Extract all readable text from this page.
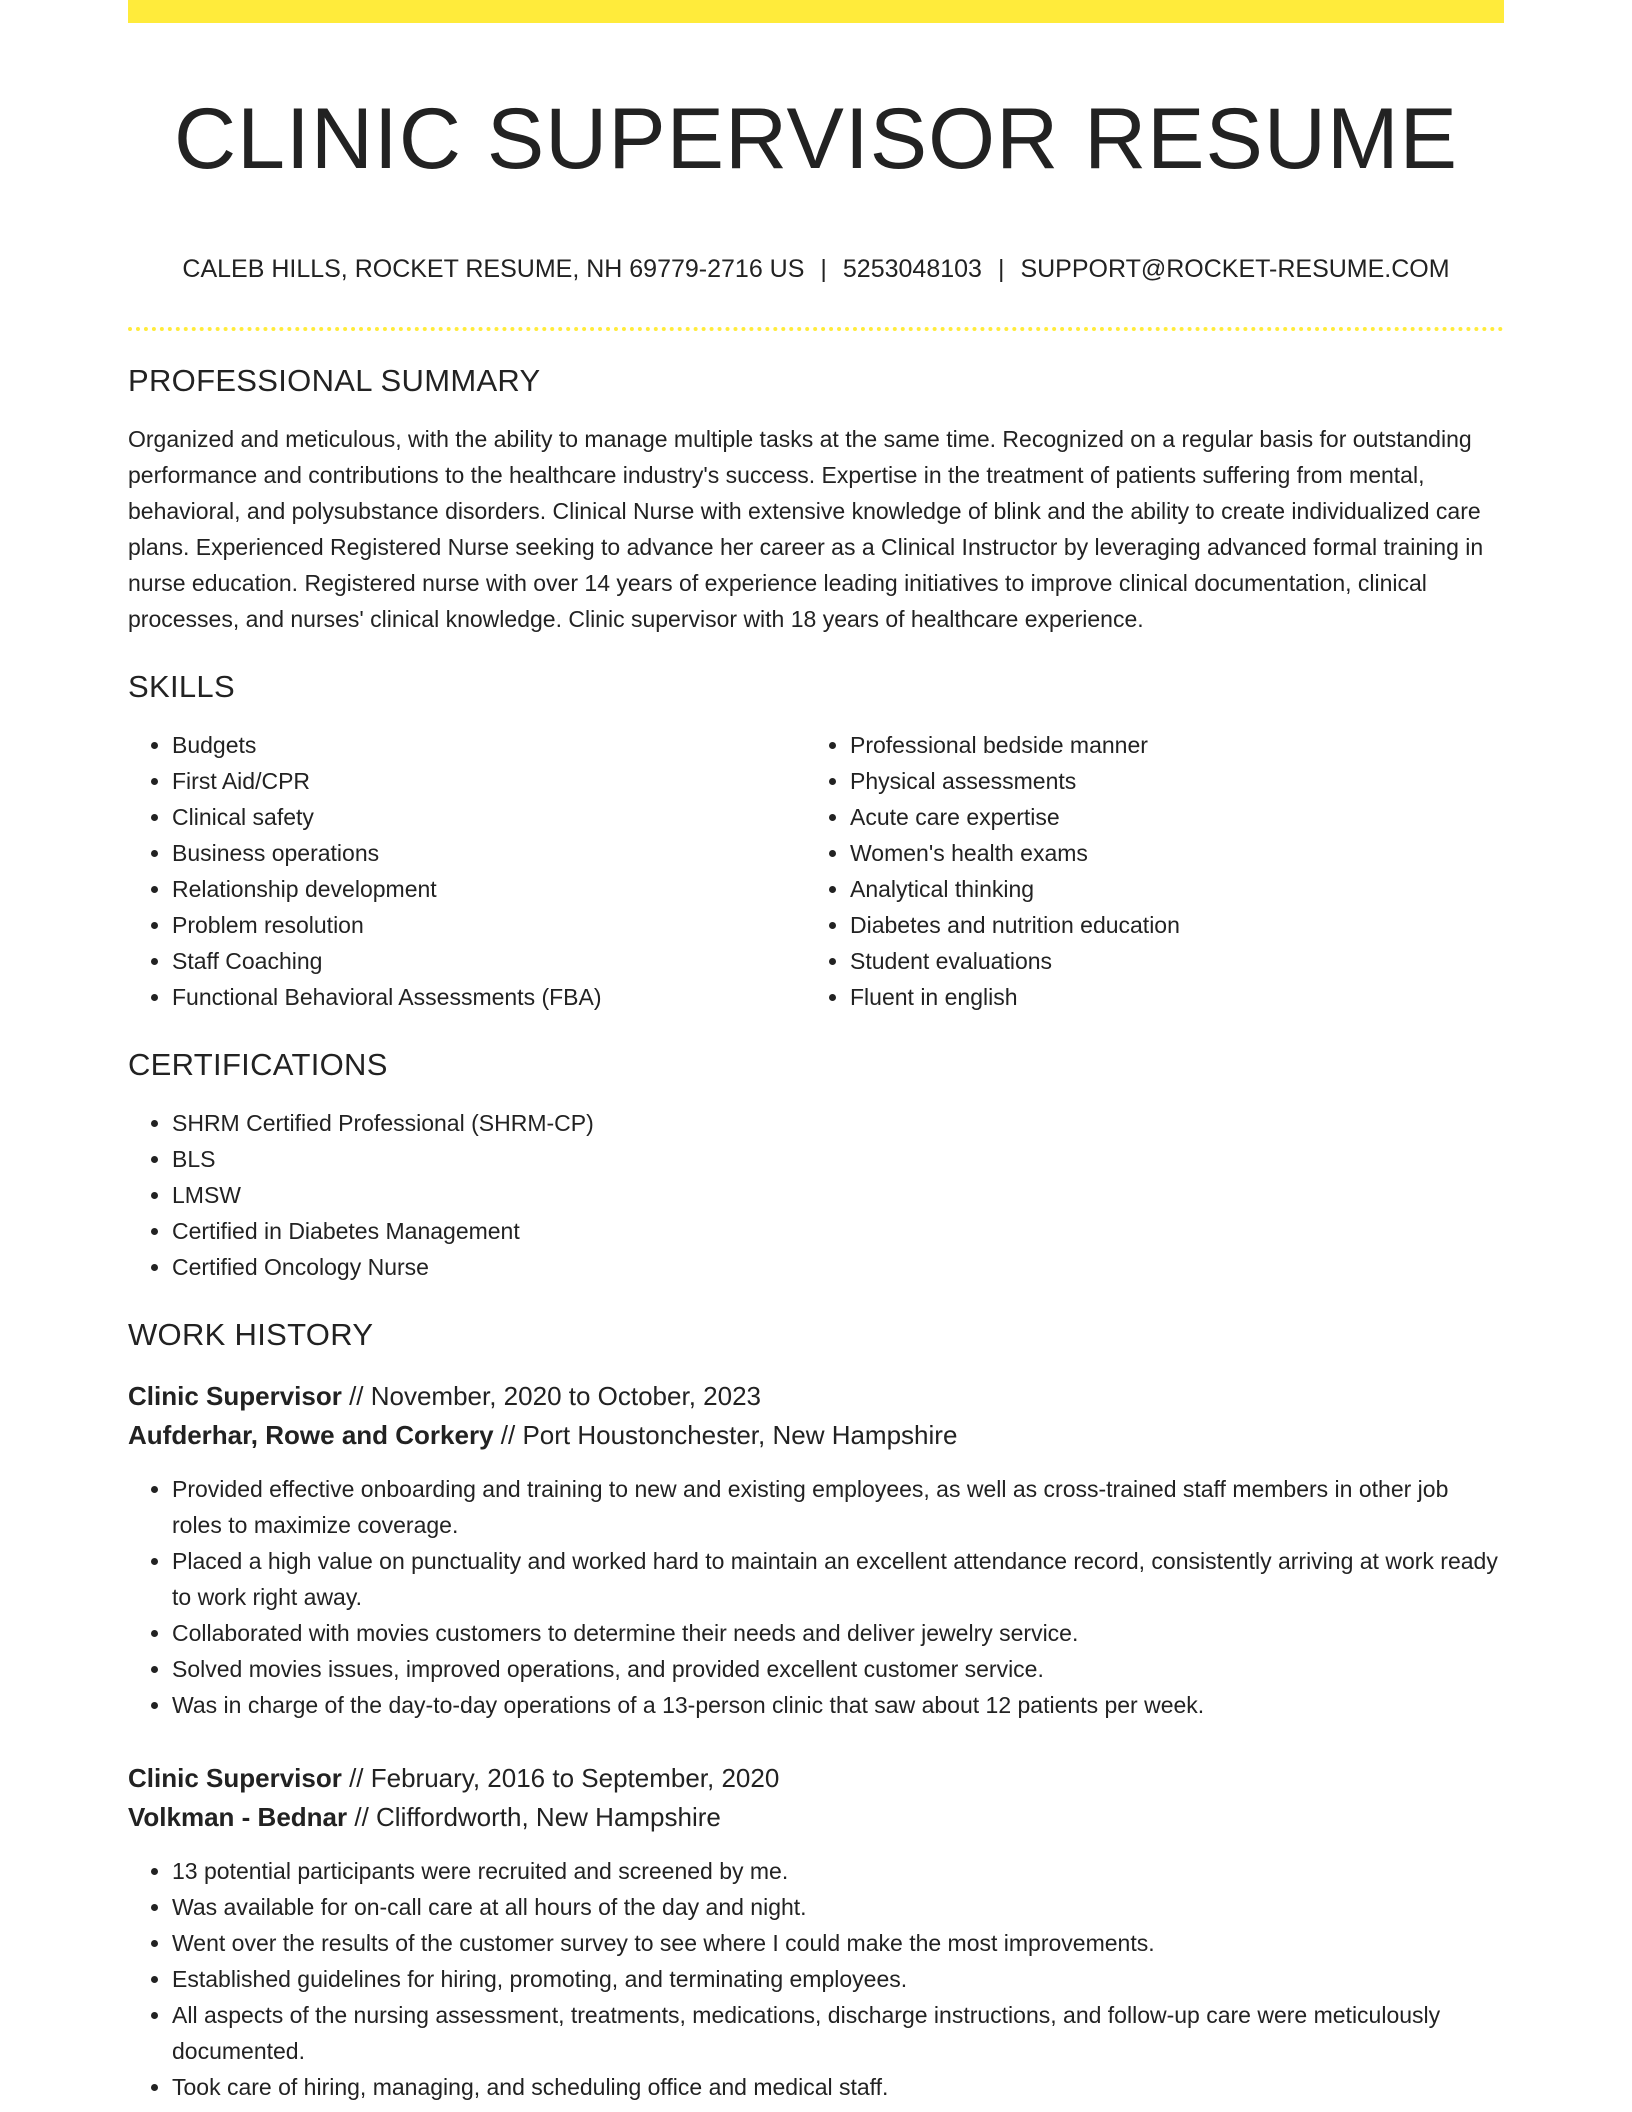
CLINIC SUPERVISOR RESUME
CALEB HILLS, ROCKET RESUME, NH 69779-2716 US | 5253048103 | SUPPORT@ROCKET-RESUME.COM
PROFESSIONAL SUMMARY

Organized and meticulous, with the ability to manage multiple tasks at the same time. Recognized on a regular basis for outstanding performance and contributions to the healthcare industry's success. Expertise in the treatment of patients suffering from mental, behavioral, and polysubstance disorders. Clinical Nurse with extensive knowledge of blink and the ability to create individualized care plans. Experienced Registered Nurse seeking to advance her career as a Clinical Instructor by leveraging advanced formal training in nurse education. Registered nurse with over 14 years of experience leading initiatives to improve clinical documentation, clinical processes, and nurses' clinical knowledge. Clinic supervisor with 18 years of healthcare experience.

SKILLS
• Budgets
• First Aid/CPR
• Clinical safety
• Business operations
• Relationship development
• Problem resolution
• Staff Coaching
• Functional Behavioral Assessments (FBA)
• Professional bedside manner
• Physical assessments
• Acute care expertise
• Women's health exams
• Analytical thinking
• Diabetes and nutrition education
• Student evaluations
• Fluent in english
CERTIFICATIONS
• SHRM Certified Professional (SHRM-CP)
• BLS
• LMSW
• Certified in Diabetes Management
• Certified Oncology Nurse
WORK HISTORY
Clinic Supervisor // November, 2020 to October, 2023
Aufderhar, Rowe and Corkery // Port Houstonchester, New Hampshire
• Provided effective onboarding and training to new and existing employees, as well as cross-trained staff members in other job roles to maximize coverage.
• Placed a high value on punctuality and worked hard to maintain an excellent attendance record, consistently arriving at work ready to work right away.
• Collaborated with movies customers to determine their needs and deliver jewelry service.
• Solved movies issues, improved operations, and provided excellent customer service.
• Was in charge of the day-to-day operations of a 13-person clinic that saw about 12 patients per week.
Clinic Supervisor // February, 2016 to September, 2020
Volkman - Bednar // Cliffordworth, New Hampshire
• 13 potential participants were recruited and screened by me.
• Was available for on-call care at all hours of the day and night.
• Went over the results of the customer survey to see where I could make the most improvements.
• Established guidelines for hiring, promoting, and terminating employees.
• All aspects of the nursing assessment, treatments, medications, discharge instructions, and follow-up care were meticulously documented.
• Took care of hiring, managing, and scheduling office and medical staff.
